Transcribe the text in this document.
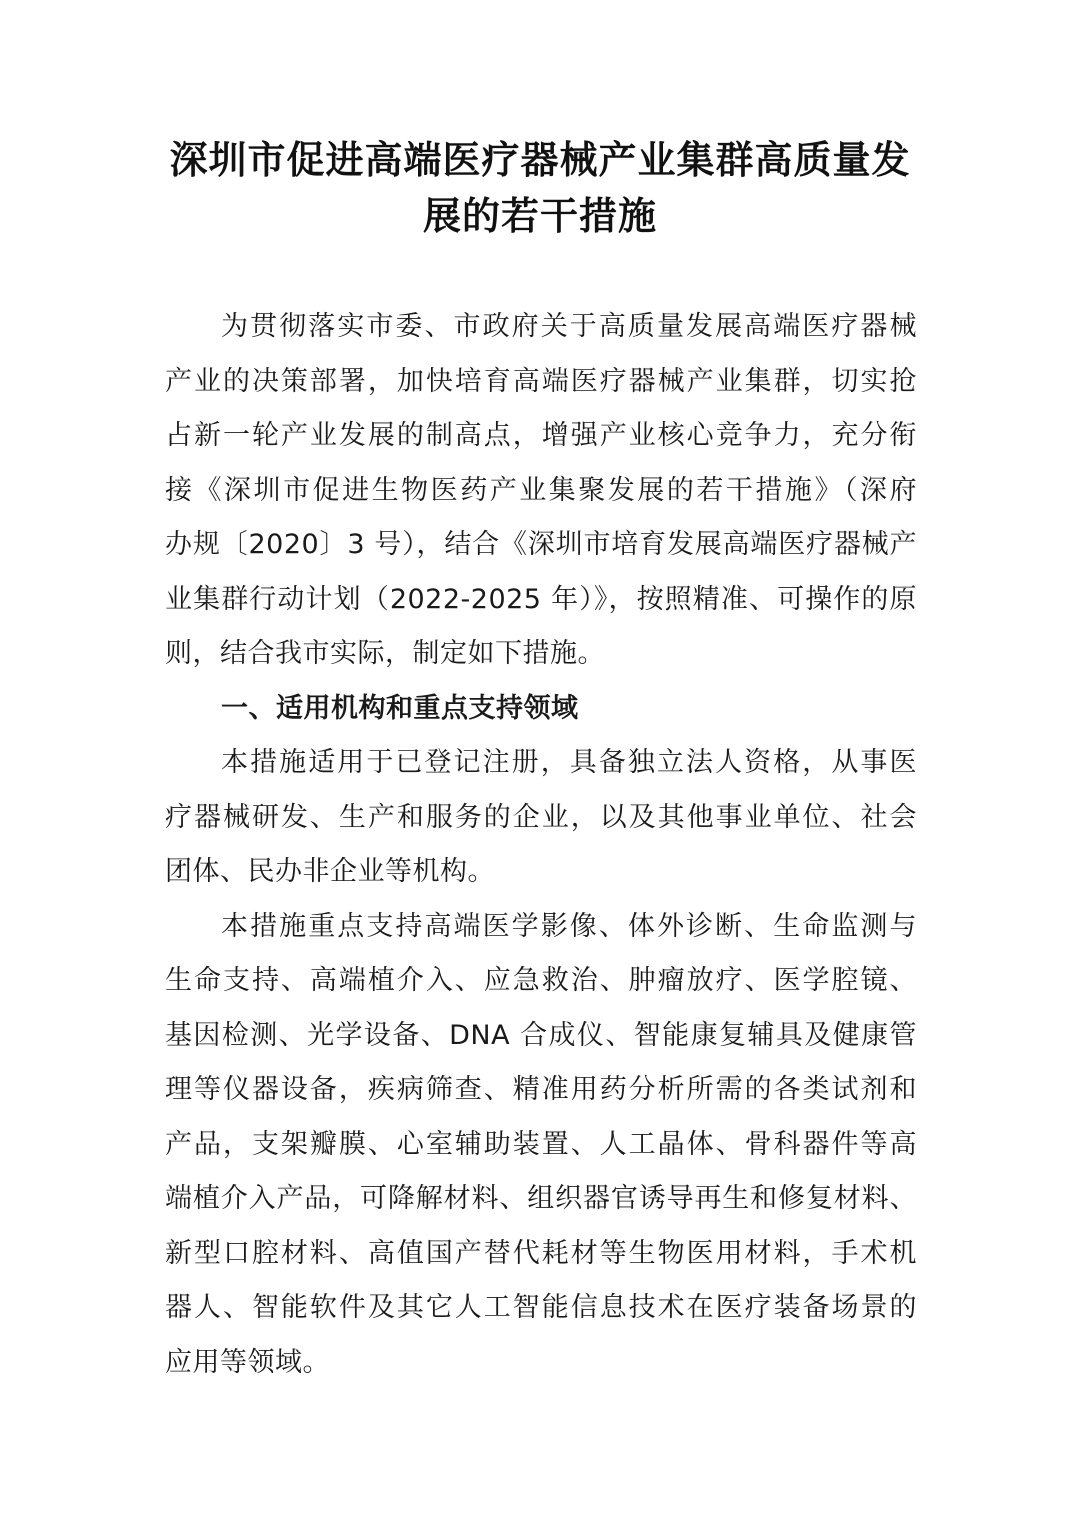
深圳市促进高端医疗器械产业集群高质量发
展的若干措施
为贯彻落实市委、市政府关于高质量发展高端医疗器械
产业的决策部署，加快培育高端医疗器械产业集群，切实抢
占新一轮产业发展的制高点，增强产业核心竞争力，充分衔
接《深圳市促进生物医药产业集聚发展的若干措施》（深府
办规〔2020〕3 号），结合《深圳市培育发展高端医疗器械产
业集群行动计划（2022-2025 年）》，按照精准、可操作的原
则，结合我市实际，制定如下措施。
一、适用机构和重点支持领域
本措施适用于已登记注册，具备独立法人资格，从事医
疗器械研发、生产和服务的企业，以及其他事业单位、社会
团体、民办非企业等机构。
本措施重点支持高端医学影像、体外诊断、生命监测与
生命支持、高端植介入、应急救治、肿瘤放疗、医学腔镜、
基因检测、光学设备、DNA 合成仪、智能康复辅具及健康管
理等仪器设备，疾病筛查、精准用药分析所需的各类试剂和
产品，支架瓣膜、心室辅助装置、人工晶体、骨科器件等高
端植介入产品，可降解材料、组织器官诱导再生和修复材料、
新型口腔材料、高值国产替代耗材等生物医用材料，手术机
器人、智能软件及其它人工智能信息技术在医疗装备场景的
应用等领域。
